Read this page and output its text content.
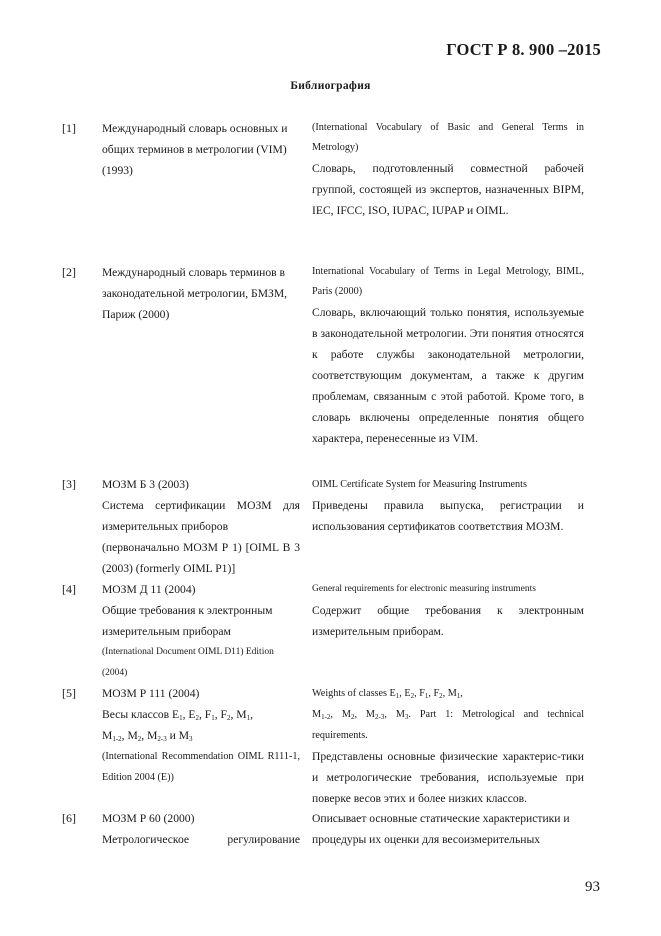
ГОСТ Р 8. 900 –2015
Библиография
[1] Международный словарь основных и общих терминов в метрологии (VIM) (1993)
(International Vocabulary of Basic and General Terms in Metrology)
Словарь, подготовленный совместной рабочей группой, состоящей из экспертов, назначенных BIPM, IEC, IFCC, ISO, IUPAC, IUPAP и OIML.
[2] Международный словарь терминов в законодательной метрологии, БМЗМ, Париж (2000)
International Vocabulary of Terms in Legal Metrology, BIML, Paris (2000)
Словарь, включающий только понятия, используемые в законодательной метрологии. Эти понятия относятся к работе службы законодательной метрологии, соответствующим документам, а также к другим проблемам, связанным с этой работой. Кроме того, в словарь включены определенные понятия общего характера, перенесенные из VIM.
[3] МОЗМ Б 3 (2003)
Система сертификации МОЗМ для измерительных приборов
(первоначально МОЗМ Р 1) [OIML B 3 (2003) (formerly OIML P1)]
OIML Certificate System for Measuring Instruments
Приведены правила выпуска, регистрации и использования сертификатов соответствия МОЗМ.
[4] МОЗМ Д 11 (2004)
Общие требования к электронным измерительным приборам
(International Document OIML D11) Edition (2004)
General requirements for electronic measuring instruments
Содержит общие требования к электронным измерительным приборам.
[5] МОЗМ Р 111 (2004)
Весы классов $E_1$, $E_2$, $F_1$, $F_2$, $M_1$,
$M_{1-2}$, $M_2$, $M_{2-3}$ и $M_3$
(International Recommendation OIML R111-1, Edition 2004 (E))
Weights of classes $E_1$, $E_2$, $F_1$, $F_2$, $M_1$,
$M_{1-2}$, $M_2$, $M_{2-3}$, $M_3$. Part 1: Metrological and technical requirements.
Представлены основные физические характерис-тики и метрологические требования, используемые при поверке весов этих и более низких классов.
[6] МОЗМ Р 60 (2000)
Метрологическое регулирование
Описывает основные статические характеристики и процедуры их оценки для весоизмерительных
93
